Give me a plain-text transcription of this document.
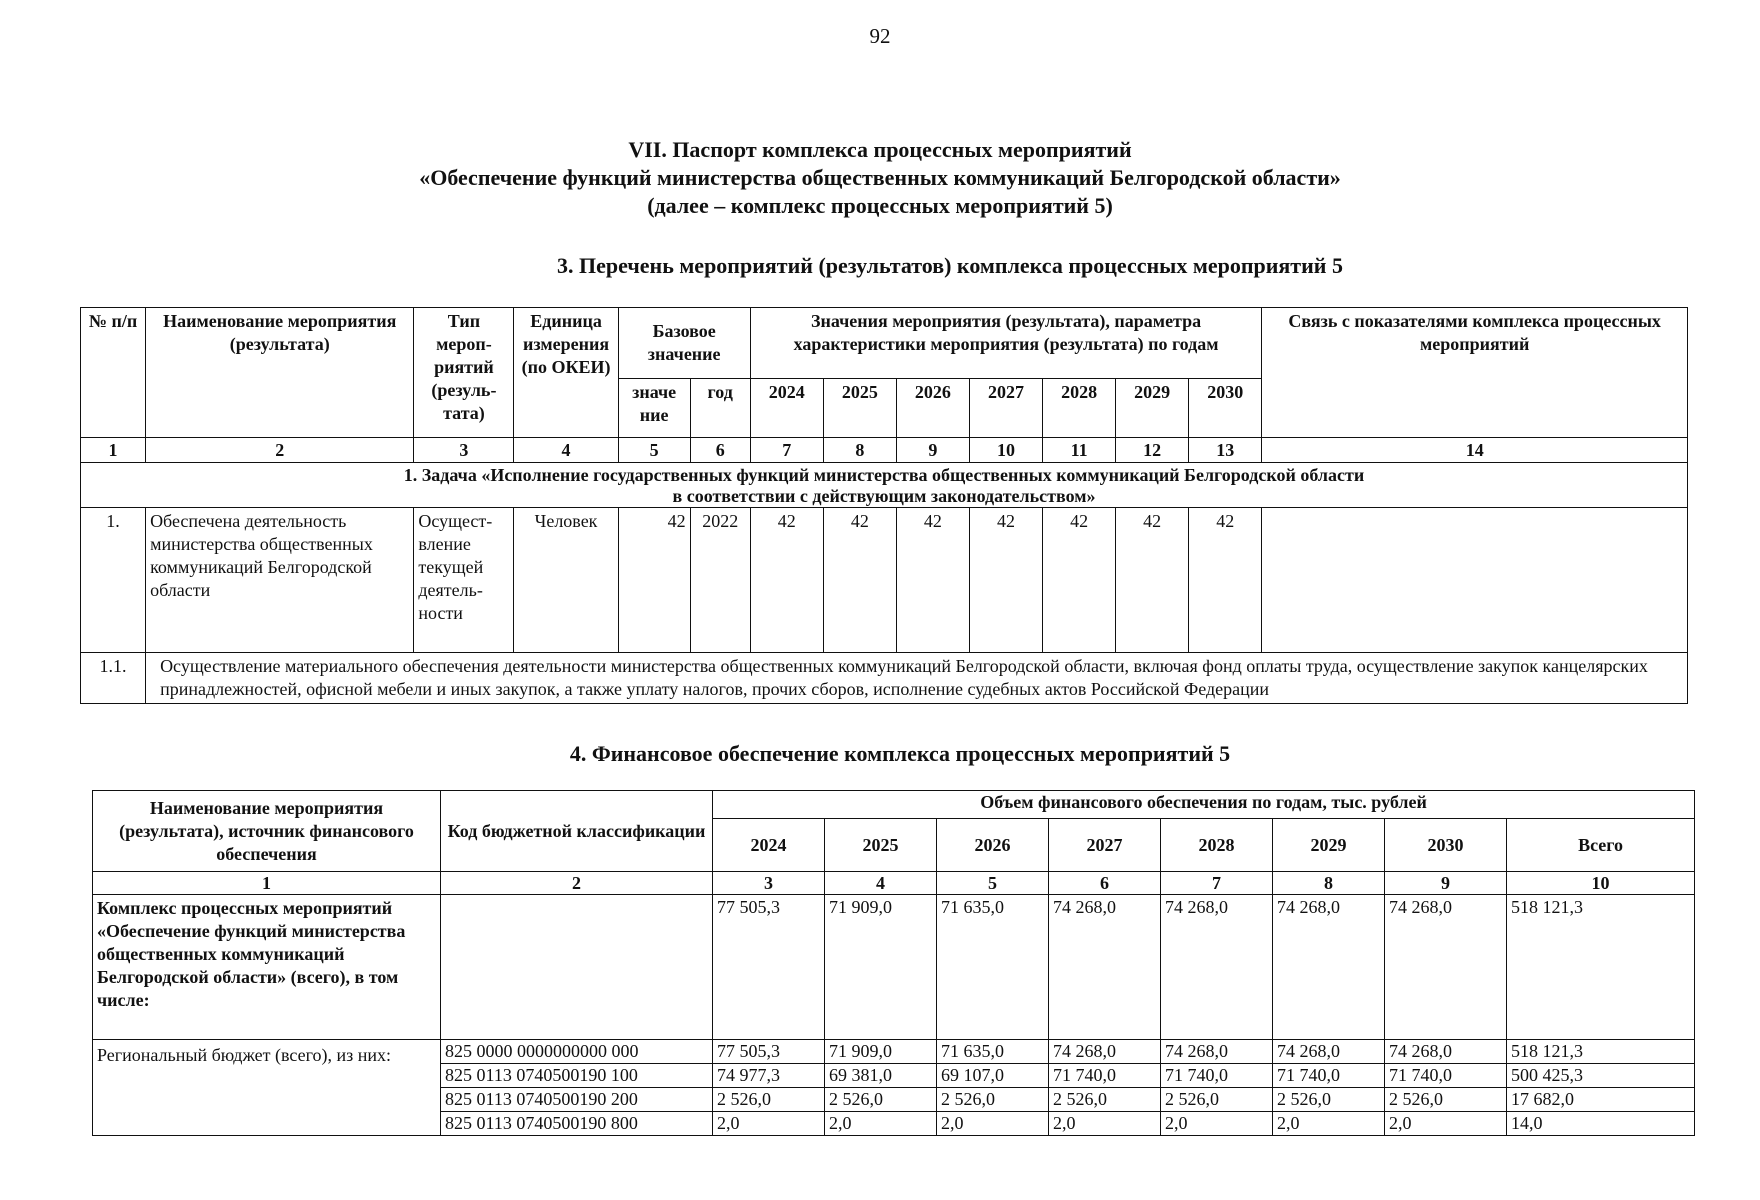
92
VII. Паспорт комплекса процессных мероприятий
«Обеспечение функций министерства общественных коммуникаций Белгородской области»
(далее – комплекс процессных мероприятий 5)
3. Перечень мероприятий (результатов) комплекса процессных мероприятий 5
№ п/п	Наименование мероприятия (результата)	Тип мероп-риятий (резуль-тата)	Единица измерения (по ОКЕИ)	Базовое значение		Значения мероприятия (результата), параметра характеристики мероприятия (результата) по годам							Связь с показателями комплекса процессных мероприятий
				значе ние	год	2024	2025	2026	2027	2028	2029	2030	
1	2	3	4	5	6	7	8	9	10	11	12	13	14

1. Задача «Исполнение государственных функций министерства общественных коммуникаций Белгородской области
в соответствии с действующим законодательством»													

1.	Обеспечена деятельность министерства общественных коммуникаций Белгородской области	Осущест-вление текущей деятель-ности	Человек	42	2022	42	42	42	42	42	42	42	
1.1.	Осуществление материального обеспечения деятельности министерства общественных коммуникаций Белгородской области, включая фонд оплаты труда, осуществление закупок канцелярских принадлежностей, офисной мебели и иных закупок, а также уплату налогов, прочих сборов, исполнение судебных актов Российской Федерации												
4. Финансовое обеспечение комплекса процессных мероприятий 5
Наименование мероприятия (результата), источник финансового обеспечения	Код бюджетной классификации	Объем финансового обеспечения по годам, тыс. рублей							
		2024	2025	2026	2027	2028	2029	2030	Всего
1	2	3	4	5	6	7	8	9	10
Комплекс процессных мероприятий «Обеспечение функций министерства общественных коммуникаций Белгородской области» (всего), в том числе:		77 505,3	71 909,0	71 635,0	74 268,0	74 268,0	74 268,0	74 268,0	518 121,3
Региональный бюджет (всего), из них:	825 0000 0000000000 000	77 505,3	71 909,0	71 635,0	74 268,0	74 268,0	74 268,0	74 268,0	518 121,3
	825 0113 0740500190 100	74 977,3	69 381,0	69 107,0	71 740,0	71 740,0	71 740,0	71 740,0	500 425,3
	825 0113 0740500190 200	2 526,0	2 526,0	2 526,0	2 526,0	2 526,0	2 526,0	2 526,0	17 682,0
	825 0113 0740500190 800	2,0	2,0	2,0	2,0	2,0	2,0	2,0	14,0
